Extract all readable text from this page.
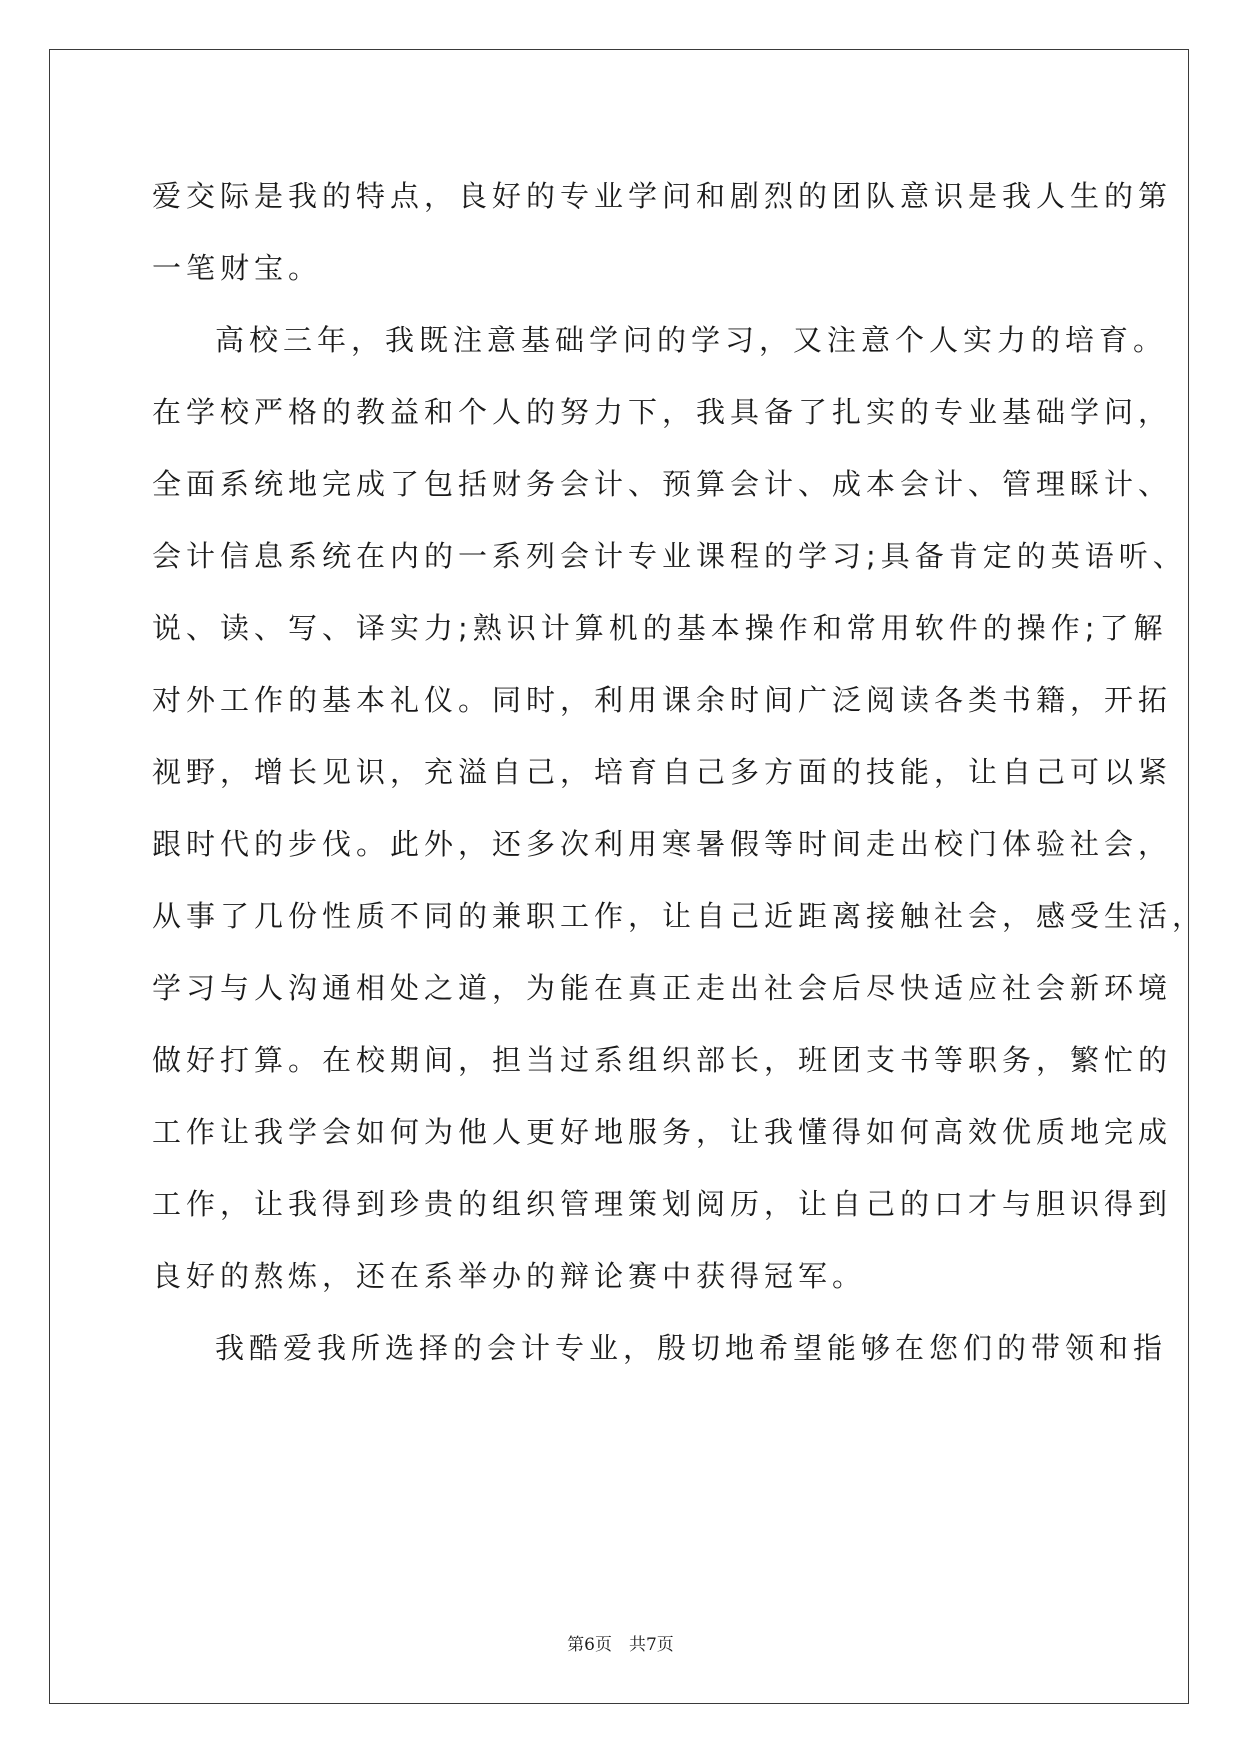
爱交际是我的特点，良好的专业学问和剧烈的团队意识是我人生的第
一笔财宝。
高校三年，我既注意基础学问的学习，又注意个人实力的培育。
在学校严格的教益和个人的努力下，我具备了扎实的专业基础学问，
全面系统地完成了包括财务会计、预算会计、成本会计、管理睬计、
会计信息系统在内的一系列会计专业课程的学习;具备肯定的英语听、
说、读、写、译实力;熟识计算机的基本操作和常用软件的操作;了解
对外工作的基本礼仪。同时，利用课余时间广泛阅读各类书籍，开拓
视野，增长见识，充溢自己，培育自己多方面的技能，让自己可以紧
跟时代的步伐。此外，还多次利用寒暑假等时间走出校门体验社会，
从事了几份性质不同的兼职工作，让自己近距离接触社会，感受生活，
学习与人沟通相处之道，为能在真正走出社会后尽快适应社会新环境
做好打算。在校期间，担当过系组织部长，班团支书等职务，繁忙的
工作让我学会如何为他人更好地服务，让我懂得如何高效优质地完成
工作，让我得到珍贵的组织管理策划阅历，让自己的口才与胆识得到
良好的熬炼，还在系举办的辩论赛中获得冠军。
我酷爱我所选择的会计专业，殷切地希望能够在您们的带领和指
第6页　共7页
